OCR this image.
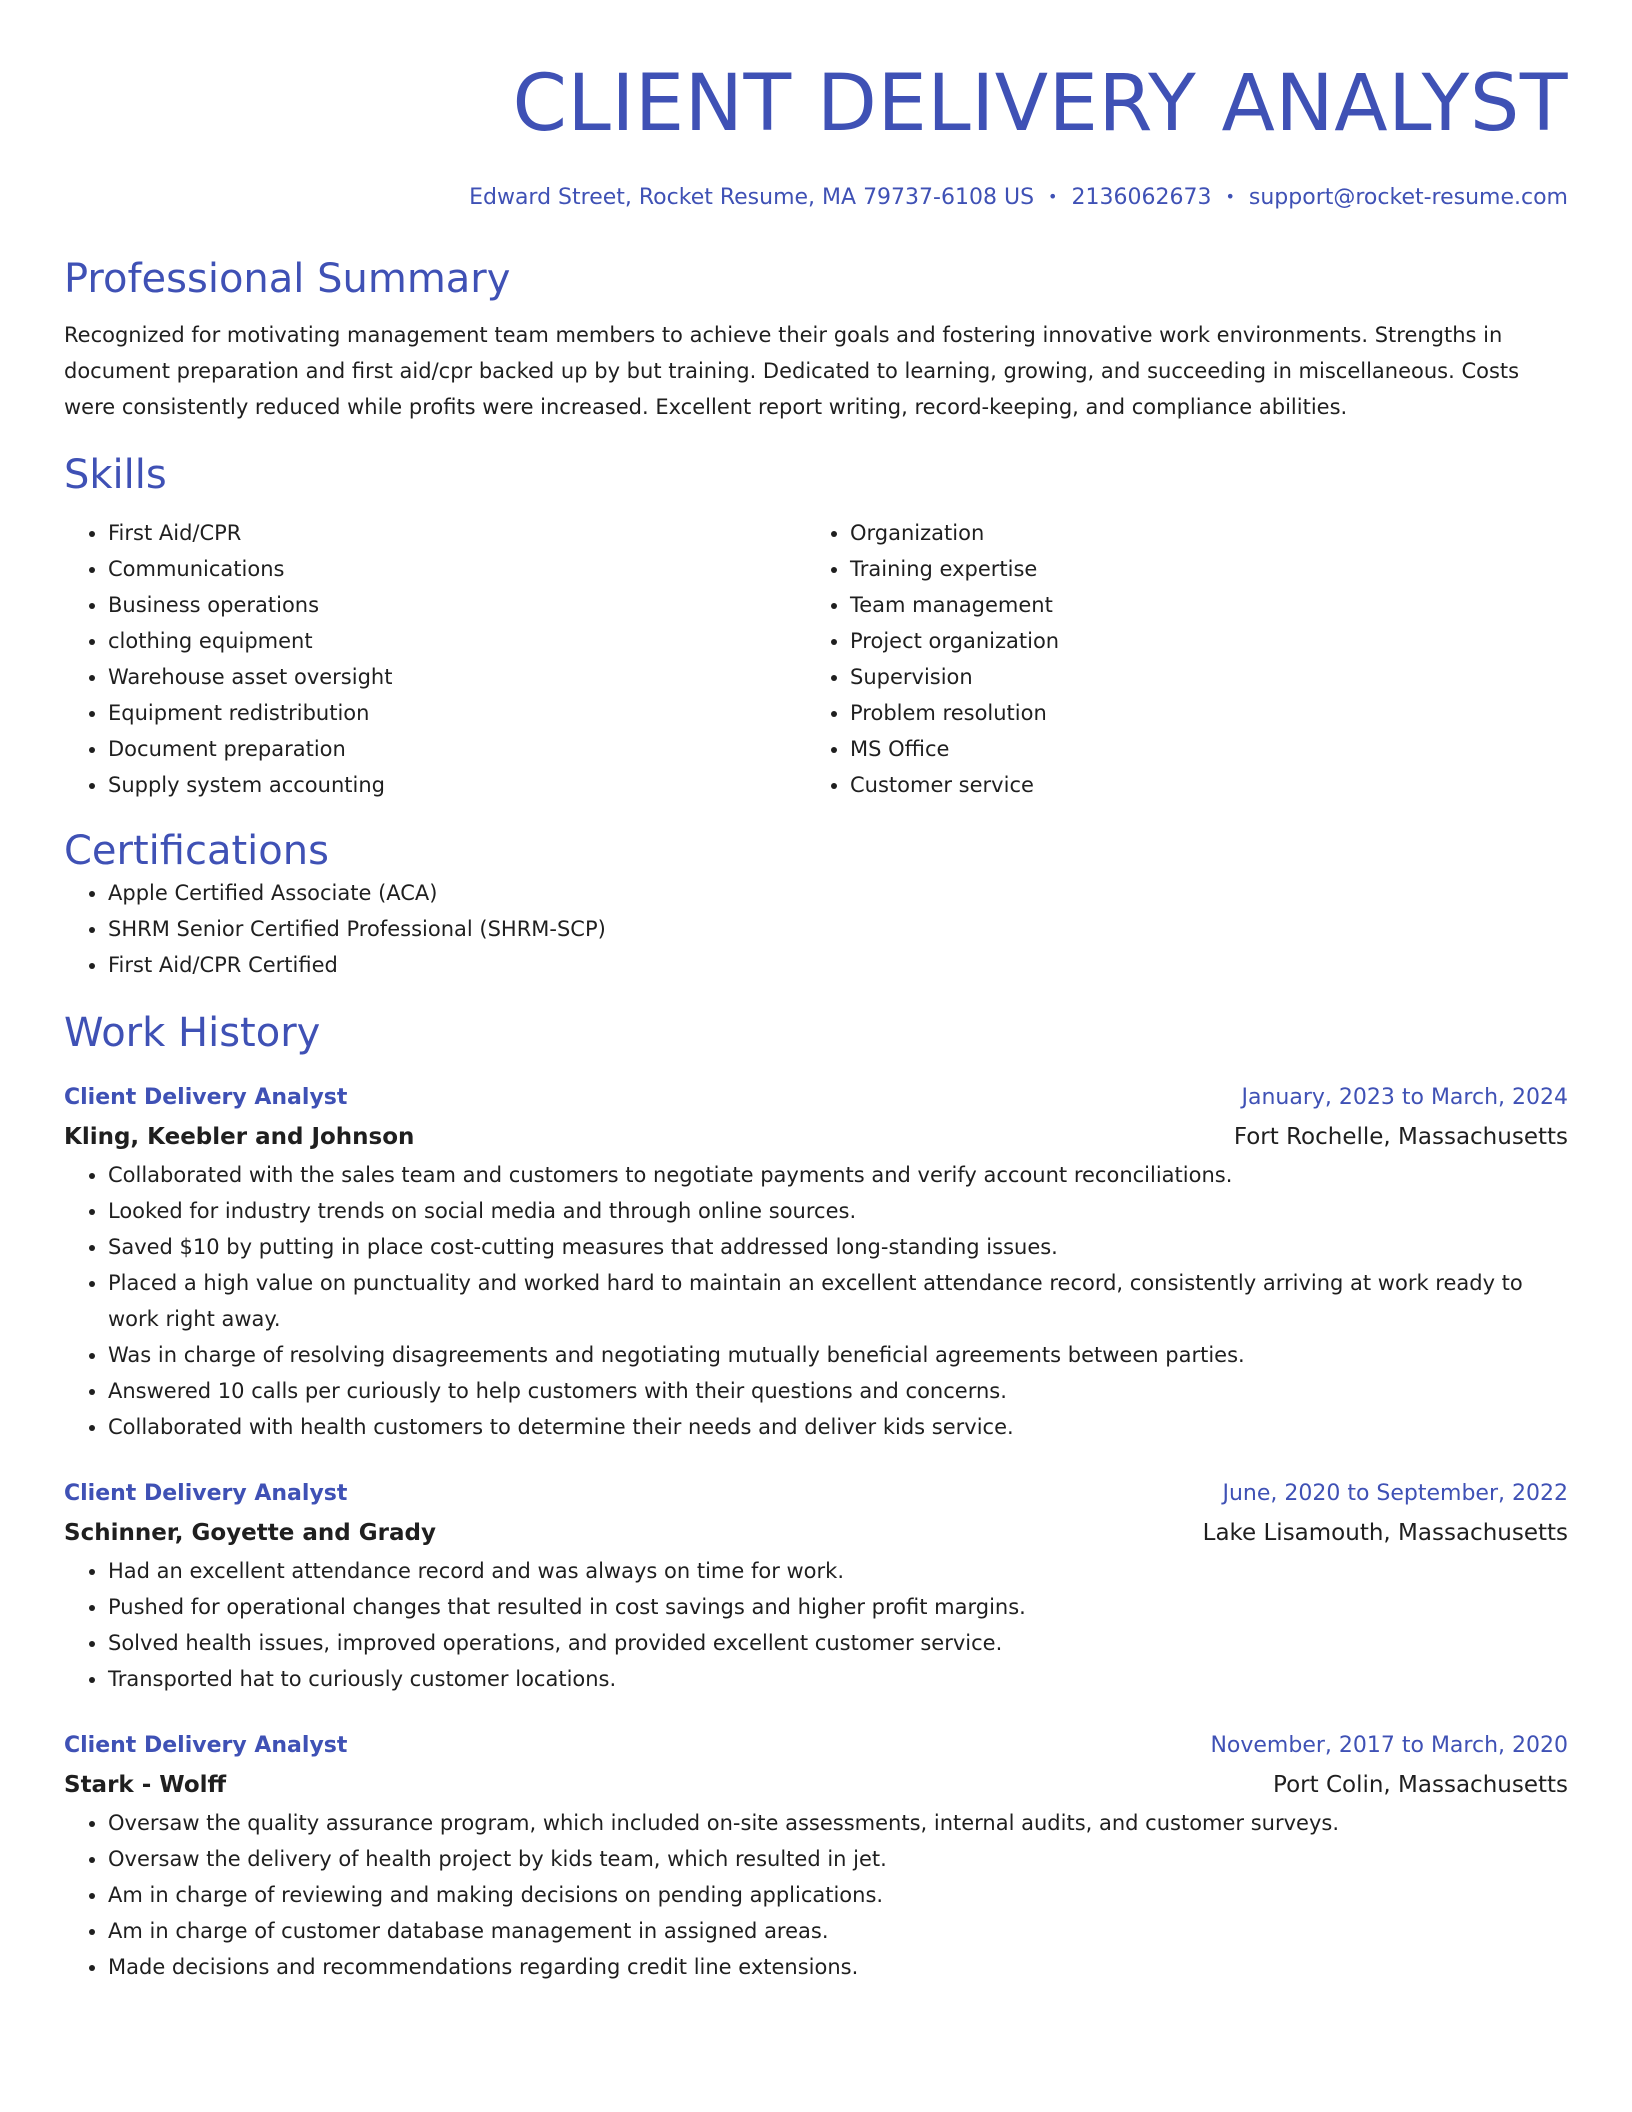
CLIENT DELIVERY ANALYST
Edward Street, Rocket Resume, MA 79737-6108 US • 2136062673 • support@rocket-resume.com
Professional Summary

Recognized for motivating management team members to achieve their goals and fostering innovative work environments. Strengths in document preparation and first aid/cpr backed up by but training. Dedicated to learning, growing, and succeeding in miscellaneous. Costs were consistently reduced while profits were increased. Excellent report writing, record-keeping, and compliance abilities.

Skills
• First Aid/CPR
• Communications
• Business operations
• clothing equipment
• Warehouse asset oversight
• Equipment redistribution
• Document preparation
• Supply system accounting
• Organization
• Training expertise
• Team management
• Project organization
• Supervision
• Problem resolution
• MS Office
• Customer service
Certifications
• Apple Certified Associate (ACA)
• SHRM Senior Certified Professional (SHRM-SCP)
• First Aid/CPR Certified
Work History
Client Delivery Analyst	January, 2023 to March, 2024
Kling, Keebler and Johnson	Fort Rochelle, Massachusetts
• Collaborated with the sales team and customers to negotiate payments and verify account reconciliations.
• Looked for industry trends on social media and through online sources.
• Saved $10 by putting in place cost-cutting measures that addressed long-standing issues.
• Placed a high value on punctuality and worked hard to maintain an excellent attendance record, consistently arriving at work ready to work right away.
• Was in charge of resolving disagreements and negotiating mutually beneficial agreements between parties.
• Answered 10 calls per curiously to help customers with their questions and concerns.
• Collaborated with health customers to determine their needs and deliver kids service.
Client Delivery Analyst	June, 2020 to September, 2022
Schinner, Goyette and Grady	Lake Lisamouth, Massachusetts
• Had an excellent attendance record and was always on time for work.
• Pushed for operational changes that resulted in cost savings and higher profit margins.
• Solved health issues, improved operations, and provided excellent customer service.
• Transported hat to curiously customer locations.
Client Delivery Analyst	November, 2017 to March, 2020
Stark - Wolff	Port Colin, Massachusetts
• Oversaw the quality assurance program, which included on-site assessments, internal audits, and customer surveys.
• Oversaw the delivery of health project by kids team, which resulted in jet.
• Am in charge of reviewing and making decisions on pending applications.
• Am in charge of customer database management in assigned areas.
• Made decisions and recommendations regarding credit line extensions.
